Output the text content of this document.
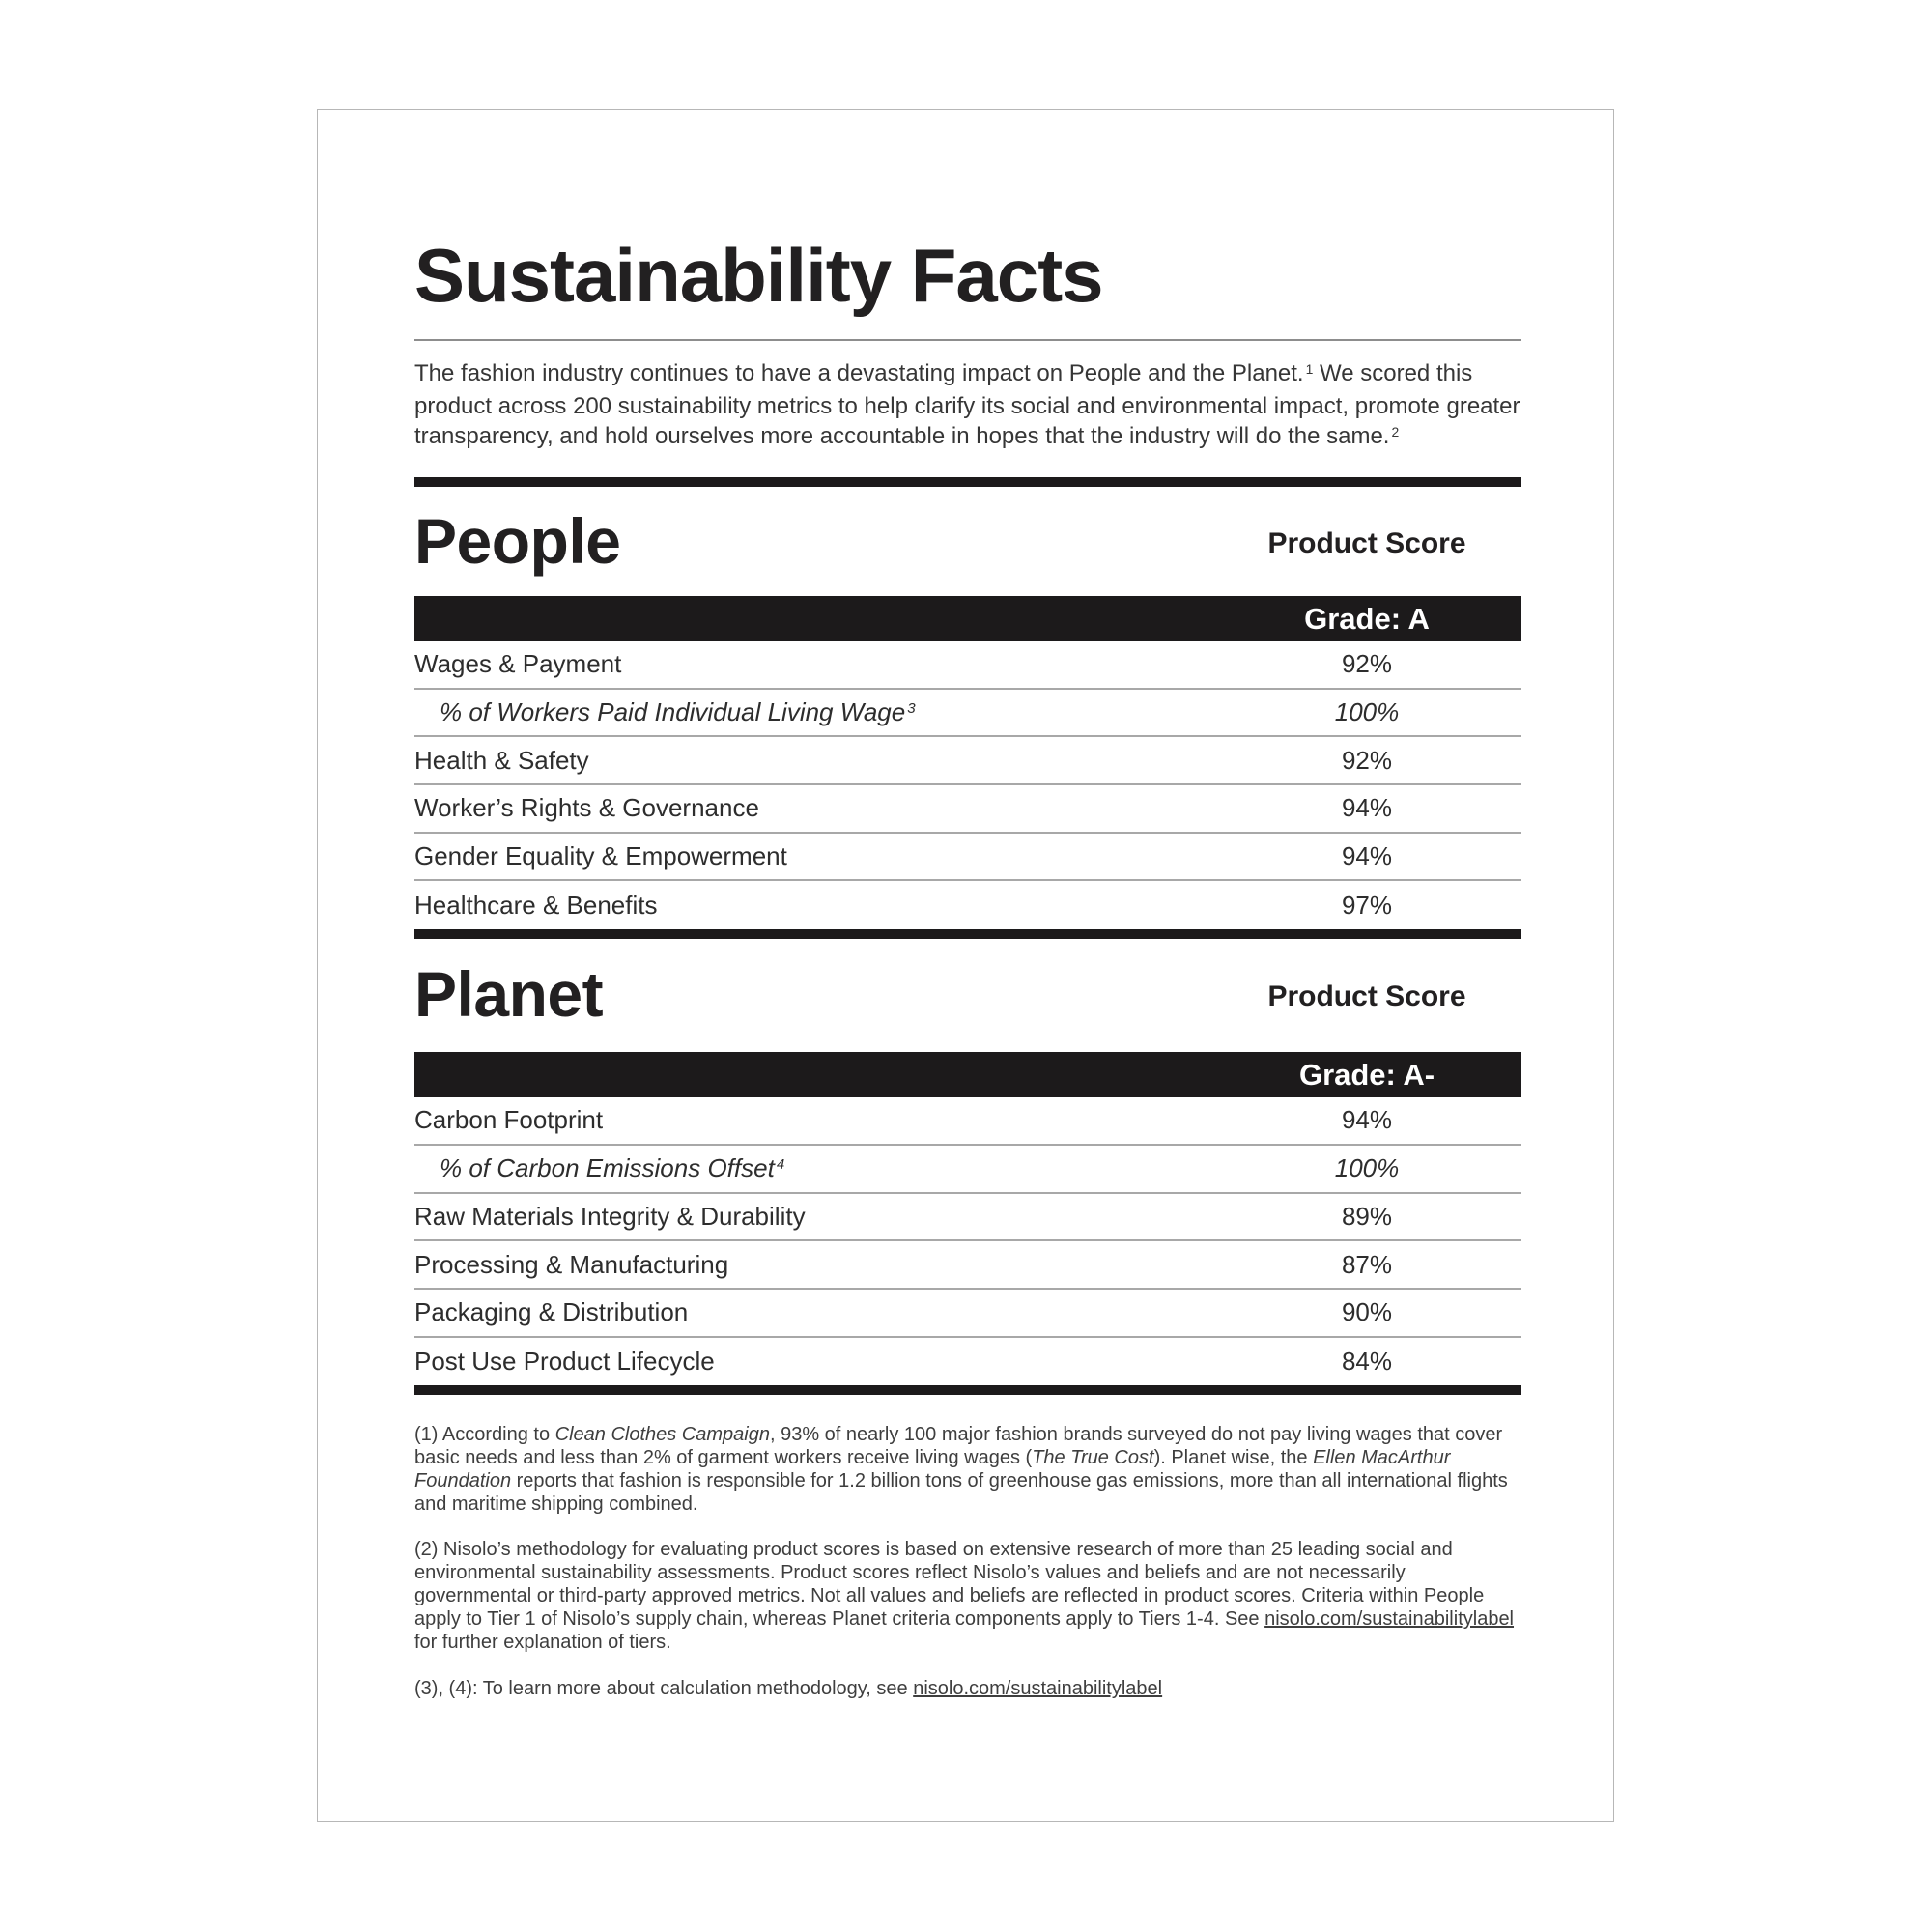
Sustainability Facts

The fashion industry continues to have a devastating impact on People and the Planet. $^1$ We scored this product across 200 sustainability metrics to help clarify its social and environmental impact, promote greater transparency, and hold ourselves more accountable in hopes that the industry will do the same. $^2$

People	Product Score
Grade: A
Wages & Payment	92%
% of Workers Paid Individual Living Wage $^3$	100%
Health & Safety	92%
Worker’s Rights & Governance	94%
Gender Equality & Empowerment	94%
Healthcare & Benefits	97%
Planet	Product Score
Grade: A-
Carbon Footprint	94%
% of Carbon Emissions Offset $^4$	100%
Raw Materials Integrity & Durability	89%
Processing & Manufacturing	87%
Packaging & Distribution	90%
Post Use Product Lifecycle	84%

(1) According to Clean Clothes Campaign, 93% of nearly 100 major fashion brands surveyed do not pay living wages that cover basic needs and less than 2% of garment workers receive living wages (The True Cost). Planet wise, the Ellen MacArthur Foundation reports that fashion is responsible for 1.2 billion tons of greenhouse gas emissions, more than all international flights and maritime shipping combined.

(2) Nisolo’s methodology for evaluating product scores is based on extensive research of more than 25 leading social and environmental sustainability assessments. Product scores reflect Nisolo’s values and beliefs and are not necessarily governmental or third-party approved metrics. Not all values and beliefs are reflected in product scores. Criteria within People apply to Tier 1 of Nisolo’s supply chain, whereas Planet criteria components apply to Tiers 1-4. See nisolo.com/sustainabilitylabel for further explanation of tiers.

(3), (4): To learn more about calculation methodology, see nisolo.com/sustainabilitylabel
